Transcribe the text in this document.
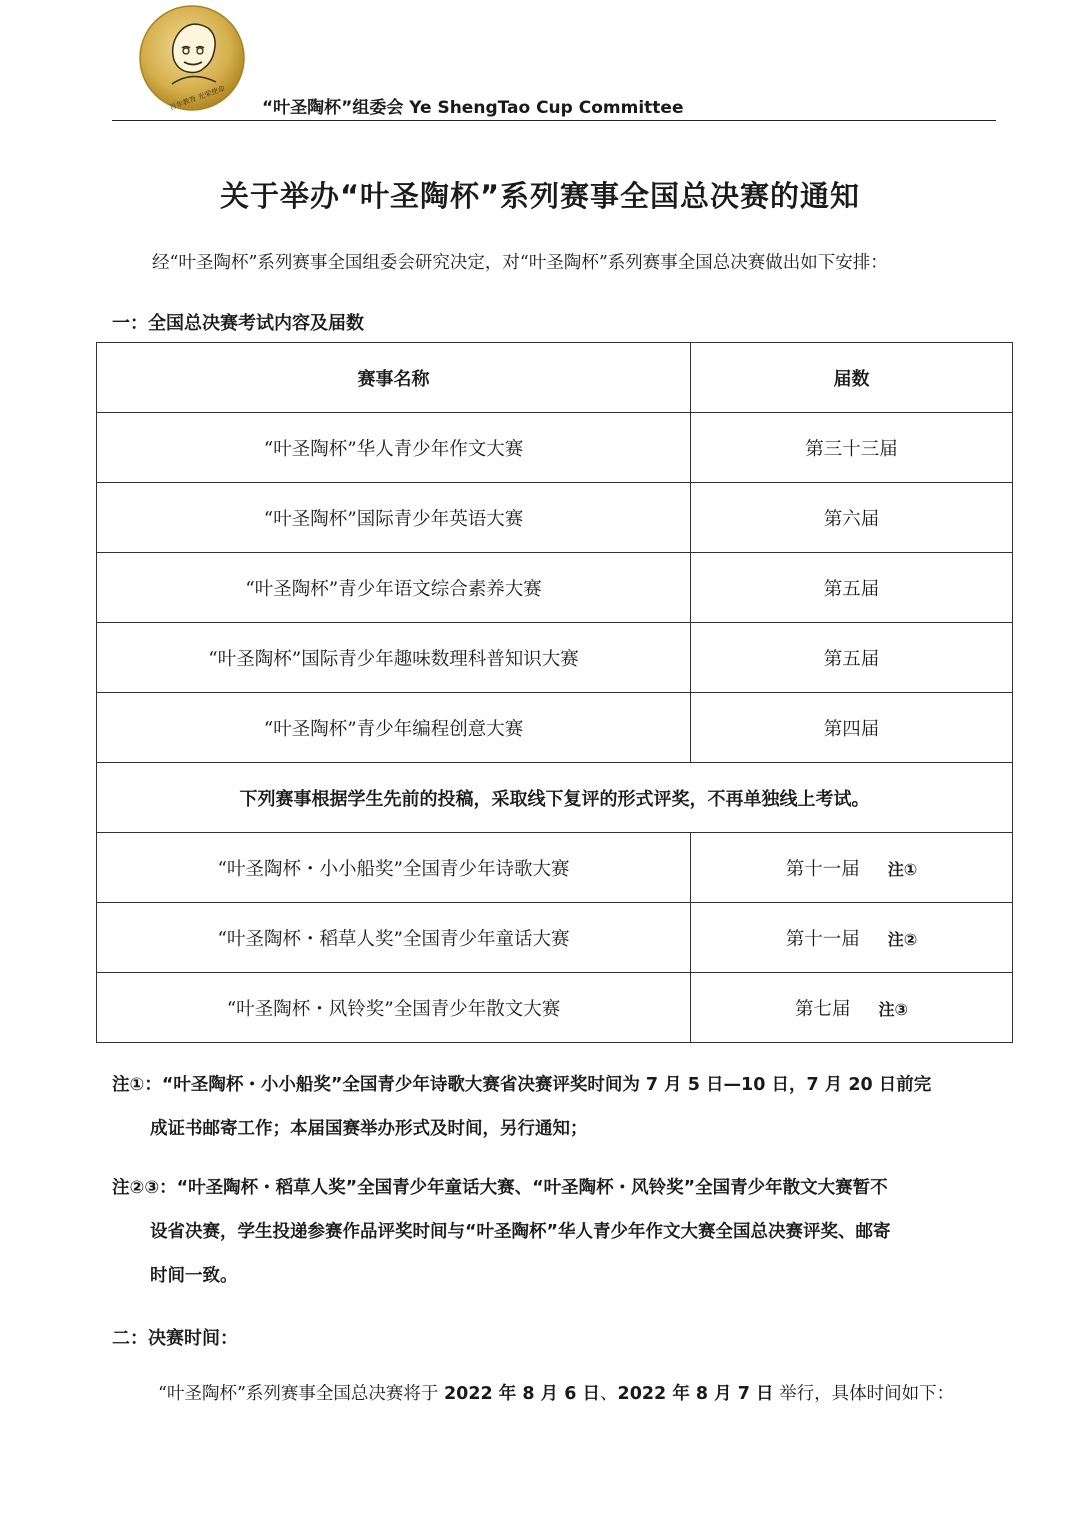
百年教育 光荣使命 “叶圣陶杯”组委会 Ye ShengTao Cup Committee
关于举办“叶圣陶杯”系列赛事全国总决赛的通知
经“叶圣陶杯”系列赛事全国组委会研究决定，对“叶圣陶杯”系列赛事全国总决赛做出如下安排：
一：全国总决赛考试内容及届数
赛事名称	届数
“叶圣陶杯”华人青少年作文大赛	第三十三届
“叶圣陶杯”国际青少年英语大赛	第六届
“叶圣陶杯”青少年语文综合素养大赛	第五届
“叶圣陶杯”国际青少年趣味数理科普知识大赛	第五届
“叶圣陶杯”青少年编程创意大赛	第四届
下列赛事根据学生先前的投稿，采取线下复评的形式评奖，不再单独线上考试。	
“叶圣陶杯・小小船奖”全国青少年诗歌大赛	第十一届 注①
“叶圣陶杯・稻草人奖”全国青少年童话大赛	第十一届 注②
“叶圣陶杯・风铃奖”全国青少年散文大赛	第七届 注③
注①：“叶圣陶杯・小小船奖”全国青少年诗歌大赛省决赛评奖时间为 7 月 5 日—10 日，7 月 20 日前完
成证书邮寄工作；本届国赛举办形式及时间，另行通知；
注②③：“叶圣陶杯・稻草人奖”全国青少年童话大赛、“叶圣陶杯・风铃奖”全国青少年散文大赛暂不
设省决赛，学生投递参赛作品评奖时间与“叶圣陶杯”华人青少年作文大赛全国总决赛评奖、邮寄
时间一致。
二：决赛时间：
“叶圣陶杯”系列赛事全国总决赛将于 2022 年 8 月 6 日、2022 年 8 月 7 日 举行，具体时间如下：
